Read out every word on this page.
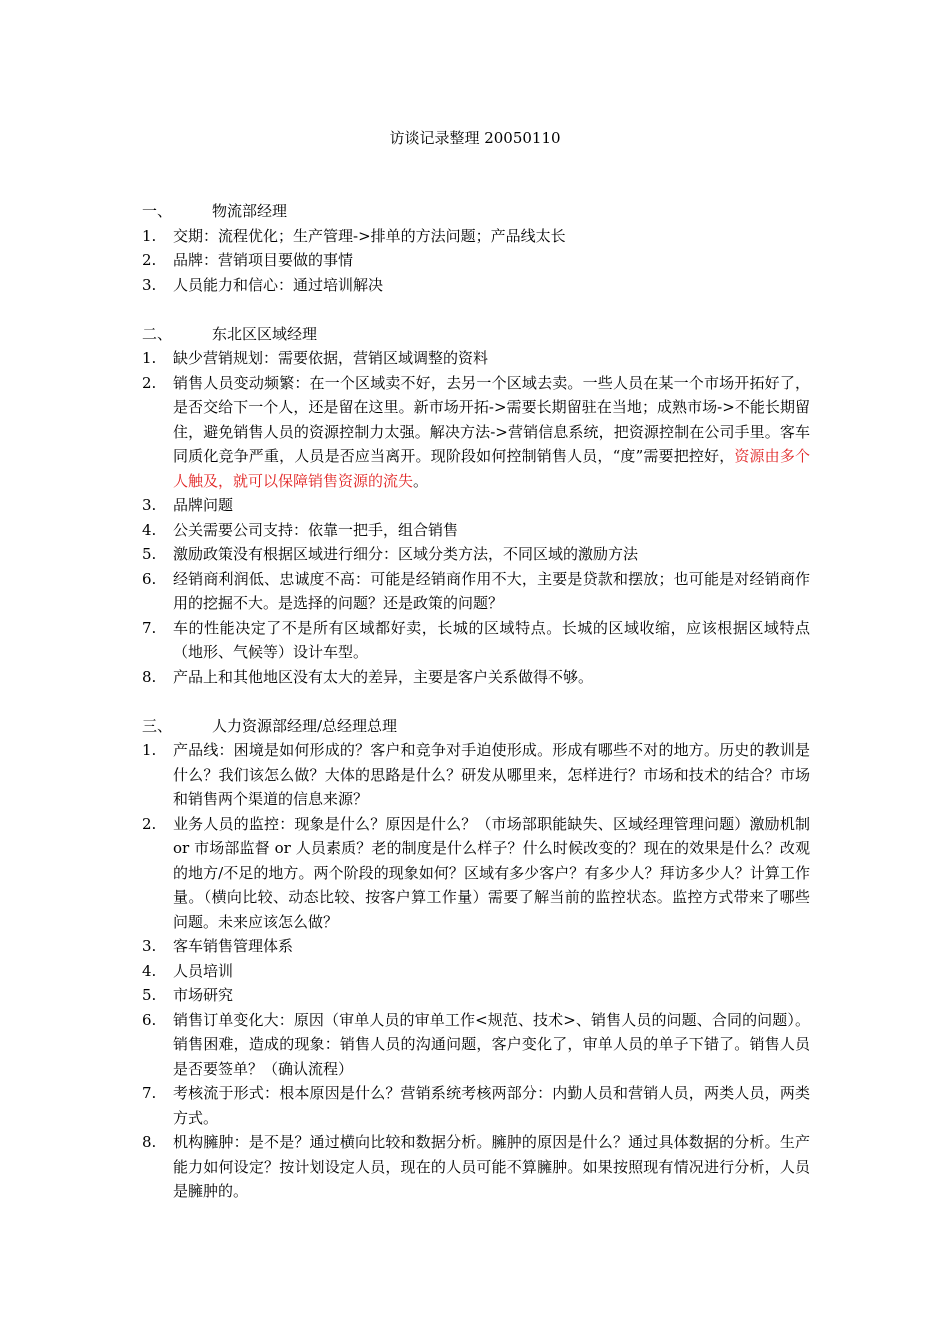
访谈记录整理 20050110
一、	物流部经理
1.	交期：流程优化；生产管理->排单的方法问题；产品线太长
2.	品牌：营销项目要做的事情
3.	人员能力和信心：通过培训解决
二、	东北区区域经理
1.	缺少营销规划：需要依据，营销区域调整的资料
2.	销售人员变动频繁：在一个区域卖不好，去另一个区域去卖。一些人员在某一个市场开拓好了，是否交给下一个人，还是留在这里。新市场开拓->需要长期留驻在当地；成熟市场->不能长期留住，避免销售人员的资源控制力太强。解决方法->营销信息系统，把资源控制在公司手里。客车同质化竞争严重，人员是否应当离开。现阶段如何控制销售人员，“度”需要把控好，资源由多个人触及，就可以保障销售资源的流失。
3.	品牌问题
4.	公关需要公司支持：依靠一把手，组合销售
5.	激励政策没有根据区域进行细分：区域分类方法，不同区域的激励方法
6.	经销商利润低、忠诚度不高：可能是经销商作用不大，主要是贷款和摆放；也可能是对经销商作用的挖掘不大。是选择的问题？还是政策的问题？
7.	车的性能决定了不是所有区域都好卖，长城的区域特点。长城的区域收缩，应该根据区域特点（地形、气候等）设计车型。
8.	产品上和其他地区没有太大的差异，主要是客户关系做得不够。
三、	人力资源部经理/总经理总理
1.	产品线：困境是如何形成的？客户和竞争对手迫使形成。形成有哪些不对的地方。历史的教训是什么？我们该怎么做？大体的思路是什么？研发从哪里来，怎样进行？市场和技术的结合？市场和销售两个渠道的信息来源？
2.	业务人员的监控：现象是什么？原因是什么？（市场部职能缺失、区域经理管理问题）激励机制 or 市场部监督 or 人员素质？老的制度是什么样子？什么时候改变的？现在的效果是什么？改观的地方/不足的地方。两个阶段的现象如何？区域有多少客户？有多少人？拜访多少人？计算工作量。（横向比较、动态比较、按客户算工作量）需要了解当前的监控状态。监控方式带来了哪些问题。未来应该怎么做？
3.	客车销售管理体系
4.	人员培训
5.	市场研究
6.	销售订单变化大：原因（审单人员的审单工作<规范、技术>、销售人员的问题、合同的问题）。销售困难，造成的现象：销售人员的沟通问题，客户变化了，审单人员的单子下错了。销售人员是否要签单？（确认流程）
7.	考核流于形式：根本原因是什么？营销系统考核两部分：内勤人员和营销人员，两类人员，两类方式。
8.	机构臃肿：是不是？通过横向比较和数据分析。臃肿的原因是什么？通过具体数据的分析。生产能力如何设定？按计划设定人员，现在的人员可能不算臃肿。如果按照现有情况进行分析，人员是臃肿的。
